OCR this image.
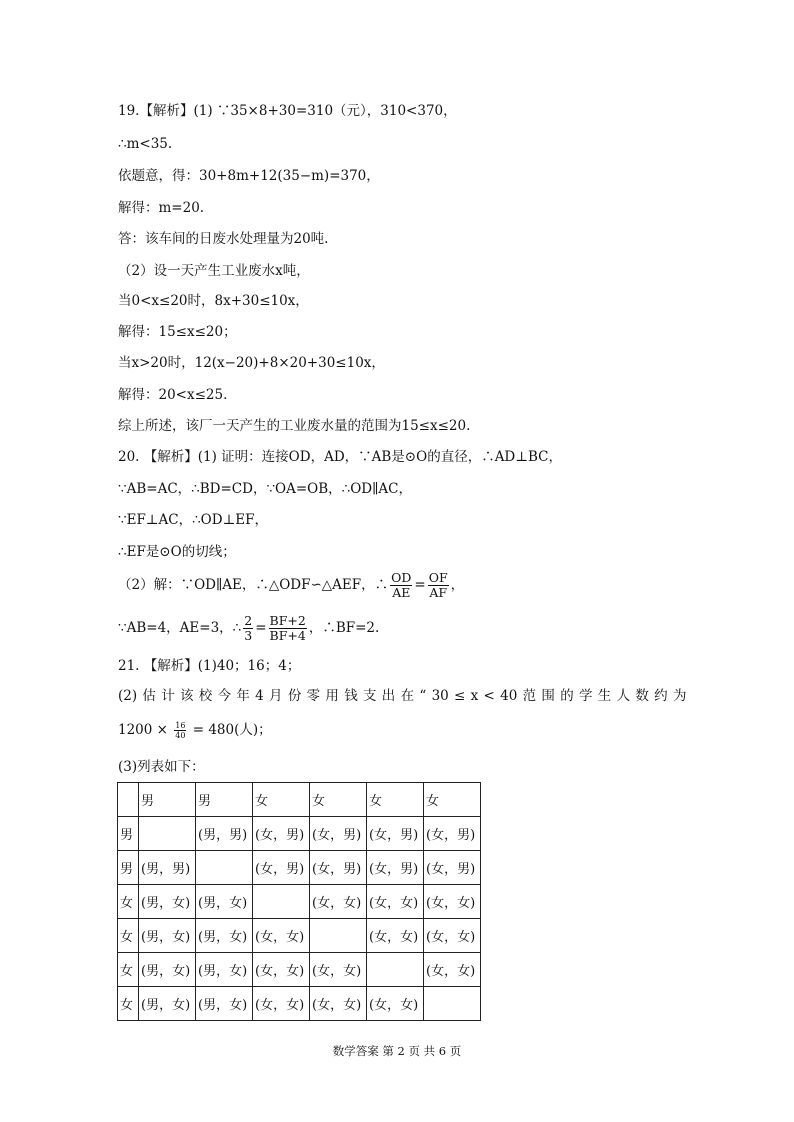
19.【解析】(1) ∵35×8+30=310（元），310<370，
∴m<35.
依题意，得：30+8m+12(35−m)=370，
解得：m=20.
答：该车间的日废水处理量为20吨.
（2）设一天产生工业废水x吨，
当0<x≤20时，8x+30≤10x，
解得：15≤x≤20；
当x>20时，12(x−20)+8×20+30≤10x，
解得：20<x≤25.
综上所述，该厂一天产生的工业废水量的范围为15≤x≤20.
20. 【解析】(1) 证明：连接OD，AD，∵AB是⊙O的直径，∴AD⊥BC，
∵AB=AC，∴BD=CD，∵OA=OB，∴OD∥AC，
∵EF⊥AC，∴OD⊥EF，
∴EF是⊙O的切线；
（2）解：∵OD∥AE，∴△ODF∽△AEF，∴ $\frac{OD}{AE} = \frac{OF}{AF}$ ，
∵AB=4，AE=3，∴ $\frac{2}{3} = \frac{BF+2}{BF+4}$ ，∴BF=2.
21. 【解析】(1)40；16；4；
(2) 估 计 该 校 今 年 4 月 份 零 用 钱 支 出 在 “ 30 ≤ x < 40 范 围 的 学 生 人 数 约 为
$1200 \times \frac{16}{40} = 480$(人)；
(3)列表如下：
	男	男	女	女	女	女
男		(男，男)	(女，男)	(女，男)	(女，男)	(女，男)
男	(男，男)		(女，男)	(女，男)	(女，男)	(女，男)
女	(男，女)	(男，女)		(女，女)	(女，女)	(女，女)
女	(男，女)	(男，女)	(女，女)		(女，女)	(女，女)
女	(男，女)	(男，女)	(女，女)	(女，女)		(女，女)
女	(男，女)	(男，女)	(女，女)	(女，女)	(女，女)	
数学答案 第 2 页 共 6 页
